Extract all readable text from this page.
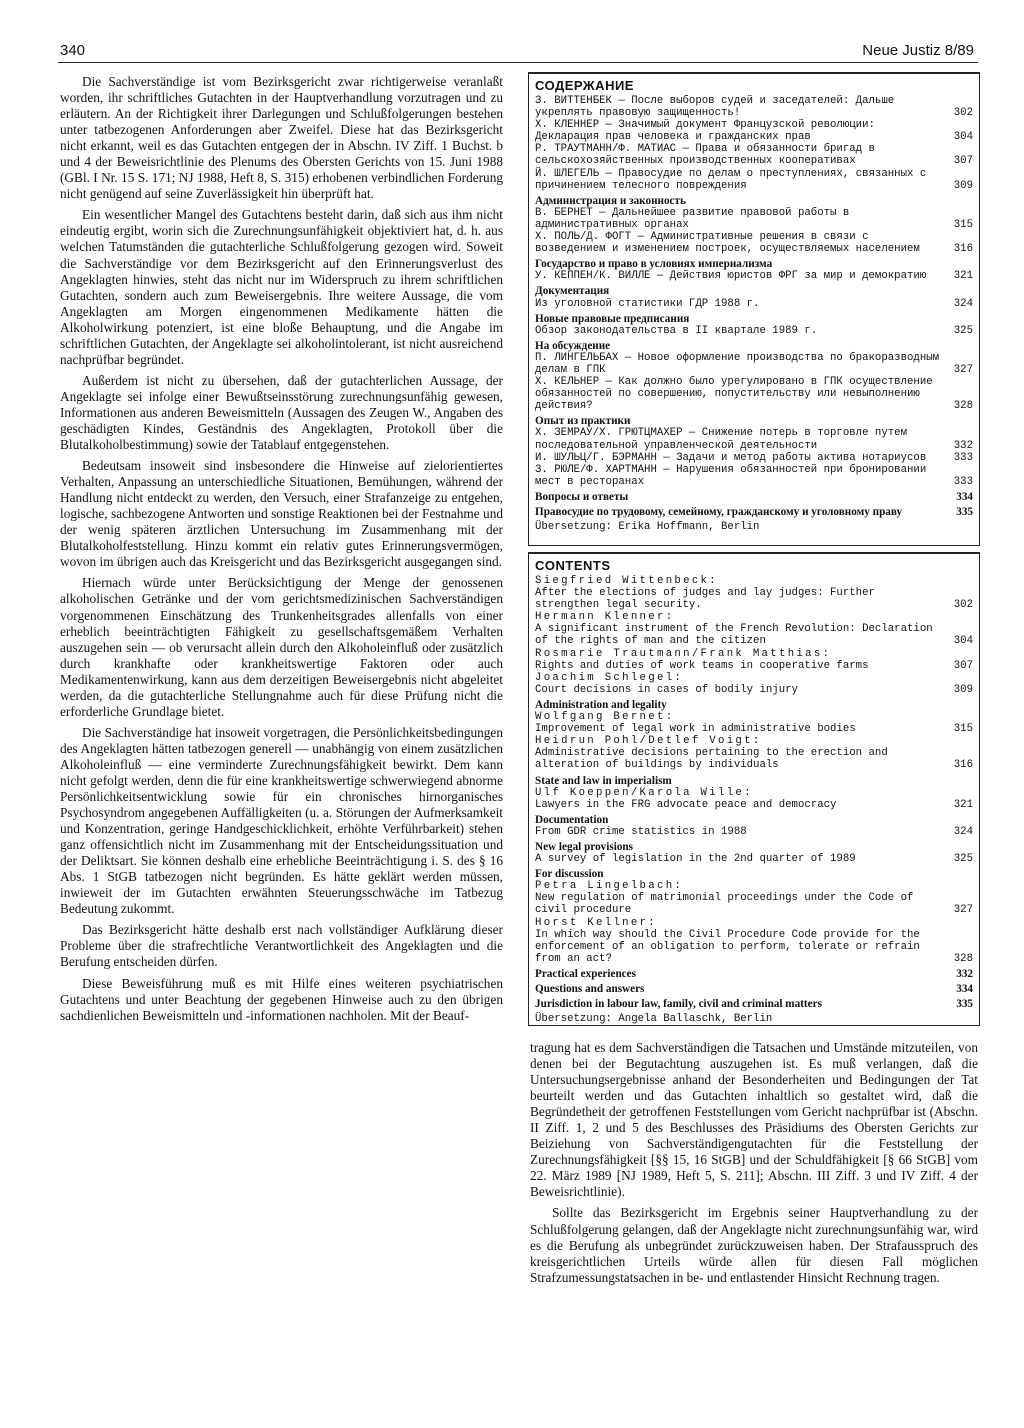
340	Neue Justiz 8/89

Die Sachverständige ist vom Bezirksgericht zwar richtigerweise veranlaßt worden, ihr schriftliches Gutachten in der Hauptverhandlung vorzutragen und zu erläutern. An der Richtigkeit ihrer Darlegungen und Schlußfolgerungen bestehen unter tatbezogenen Anforderungen aber Zweifel. Diese hat das Bezirksgericht nicht erkannt, weil es das Gutachten entgegen der in Abschn. IV Ziff. 1 Buchst. b und 4 der Beweisrichtlinie des Plenums des Obersten Gerichts von 15. Juni 1988 (GBl. I Nr. 15 S. 171; NJ 1988, Heft 8, S. 315) erhobenen verbindlichen Forderung nicht genügend auf seine Zuverlässigkeit hin überprüft hat.

Ein wesentlicher Mangel des Gutachtens besteht darin, daß sich aus ihm nicht eindeutig ergibt, worin sich die Zurechnungsunfähigkeit objektiviert hat, d. h. aus welchen Tatumständen die gutachterliche Schlußfolgerung gezogen wird. Soweit die Sachverständige vor dem Bezirksgericht auf den Erinnerungsverlust des Angeklagten hinwies, steht das nicht nur im Widerspruch zu ihrem schriftlichen Gutachten, sondern auch zum Beweisergebnis. Ihre weitere Aussage, die vom Angeklagten am Morgen eingenommenen Medikamente hätten die Alkoholwirkung potenziert, ist eine bloße Behauptung, und die Angabe im schriftlichen Gutachten, der Angeklagte sei alkoholintolerant, ist nicht ausreichend nachprüfbar begründet.

Außerdem ist nicht zu übersehen, daß der gutachterlichen Aussage, der Angeklagte sei infolge einer Bewußtseinsstörung zurechnungsunfähig gewesen, Informationen aus anderen Beweismitteln (Aussagen des Zeugen W., Angaben des geschädigten Kindes, Geständnis des Angeklagten, Protokoll über die Blutalkoholbestimmung) sowie der Tatablauf entgegenstehen.

Bedeutsam insoweit sind insbesondere die Hinweise auf zielorientiertes Verhalten, Anpassung an unterschiedliche Situationen, Bemühungen, während der Handlung nicht entdeckt zu werden, den Versuch, einer Strafanzeige zu entgehen, logische, sachbezogene Antworten und sonstige Reaktionen bei der Festnahme und der wenig späteren ärztlichen Untersuchung im Zusammenhang mit der Blutalkoholfeststellung. Hinzu kommt ein relativ gutes Erinnerungsvermögen, wovon im übrigen auch das Kreisgericht und das Bezirksgericht ausgegangen sind.

Hiernach würde unter Berücksichtigung der Menge der genossenen alkoholischen Getränke und der vom gerichtsmedizinischen Sachverständigen vorgenommenen Einschätzung des Trunkenheitsgrades allenfalls von einer erheblich beeinträchtigten Fähigkeit zu gesellschaftsgemäßem Verhalten auszugehen sein — ob verursacht allein durch den Alkoholeinfluß oder zusätzlich durch krankhafte oder krankheitswertige Faktoren oder auch Medikamentenwirkung, kann aus dem derzeitigen Beweisergebnis nicht abgeleitet werden, da die gutachterliche Stellungnahme auch für diese Prüfung nicht die erforderliche Grundlage bietet.

Die Sachverständige hat insoweit vorgetragen, die Persönlichkeitsbedingungen des Angeklagten hätten tatbezogen generell — unabhängig von einem zusätzlichen Alkoholeinfluß — eine verminderte Zurechnungsfähigkeit bewirkt. Dem kann nicht gefolgt werden, denn die für eine krankheitswertige schwerwiegend abnorme Persönlichkeitsentwicklung sowie für ein chronisches hirnorganisches Psychosyndrom angegebenen Auffälligkeiten (u. a. Störungen der Aufmerksamkeit und Konzentration, geringe Handgeschicklichkeit, erhöhte Verführbarkeit) stehen ganz offensichtlich nicht im Zusammenhang mit der Entscheidungssituation und der Deliktsart. Sie können deshalb eine erhebliche Beeinträchtigung i. S. des § 16 Abs. 1 StGB tatbezogen nicht begründen. Es hätte geklärt werden müssen, inwieweit der im Gutachten erwähnten Steuerungsschwäche im Tatbezug Bedeutung zukommt.

Das Bezirksgericht hätte deshalb erst nach vollständiger Aufklärung dieser Probleme über die strafrechtliche Verantwortlichkeit des Angeklagten und die Berufung entscheiden dürfen.

Diese Beweisführung muß es mit Hilfe eines weiteren psychiatrischen Gutachtens und unter Beachtung der gegebenen Hinweise auch zu den übrigen sachdienlichen Beweismitteln und -informationen nachholen. Mit der Beauf-

СОДЕРЖАНИЕ
З. ВИТТЕНБЕК — После выборов судей и заседателей: Дальше укреплять правовую защищенность!	302
Х. КЛЕННЕР — Значимый документ Французской революции: Декларация прав человека и гражданских прав	304
Р. ТРАУТМАНН/Ф. МАТИАС — Права и обязанности бригад в сельскохозяйственных производственных кооперативах	307
Й. ШЛЕГЕЛЬ — Правосудие по делам о преступлениях, связанных с причинением телесного повреждения	309
Администрация и законность
В. БЕРНЕТ — Дальнейшее развитие правовой работы в административных органах	315
Х. ПОЛЬ/Д. ФОГТ — Административные решения в связи с возведением и изменением построек, осуществляемых населением	316
Государство и право в условиях империализма
У. КЕППЕН/К. ВИЛЛЕ — Действия юристов ФРГ за мир и демократию	321
Документация
Из уголовной статистики ГДР 1988 г.	324
Новые правовые предписания
Обзор законодательства в II квартале 1989 г.	325
На обсуждение
П. ЛИНГЕЛЬБАХ — Новое оформление производства по бракоразводным делам в ГПК	327
Х. КЕЛЬНЕР — Как должно было урегулировано в ГПК осуществление обязанностей по совершению, попустительству или невыполнению действия?	328
Опыт из практики
Х. ЗЕМРАУ/Х. ГРЮТЦМАХЕР — Снижение потерь в торговле путем последовательной управленческой деятельности	332
И. ШУЛЬЦ/Г. БЭРМАНН — Задачи и метод работы актива нотариусов	333
З. РЮЛЕ/Ф. ХАРТМАНН — Нарушения обязанностей при бронировании мест в ресторанах	333
Вопросы и ответы	334
Правосудие по трудовому, семейному, гражданскому и уголовному праву	335
Übersetzung: Erika Hoffmann, Berlin
CONTENTS
Siegfried Wittenbeck:
After the elections of judges and lay judges: Further strengthen legal security.	302
Hermann Klenner:
A significant instrument of the French Revolution: Declaration of the rights of man and the citizen	304
Rosmarie Trautmann/Frank Matthias:
Rights and duties of work teams in cooperative farms	307
Joachim Schlegel:
Court decisions in cases of bodily injury	309
Administration and legality
Wolfgang Bernet:
Improvement of legal work in administrative bodies	315
Heidrun Pohl/Detlef Voigt:
Administrative decisions pertaining to the erection and alteration of buildings by individuals	316
State and law in imperialism
Ulf Koeppen/Karola Wille:
Lawyers in the FRG advocate peace and democracy	321
Documentation
From GDR crime statistics in 1988	324
New legal provisions
A survey of legislation in the 2nd quarter of 1989	325
For discussion
Petra Lingelbach:
New regulation of matrimonial proceedings under the Code of civil procedure	327
Horst Kellner:
In which way should the Civil Procedure Code provide for the enforcement of an obligation to perform, tolerate or refrain from an act?	328
Practical experiences	332
Questions and answers	334
Jurisdiction in labour law, family, civil and criminal matters	335
Übersetzung: Angela Ballaschk, Berlin

tragung hat es dem Sachverständigen die Tatsachen und Umstände mitzuteilen, von denen bei der Begutachtung auszugehen ist. Es muß verlangen, daß die Untersuchungsergebnisse anhand der Besonderheiten und Bedingungen der Tat beurteilt werden und das Gutachten inhaltlich so gestaltet wird, daß die Begründetheit der getroffenen Feststellungen vom Gericht nachprüfbar ist (Abschn. II Ziff. 1, 2 und 5 des Beschlusses des Präsidiums des Obersten Gerichts zur Beiziehung von Sachverständigengutachten für die Feststellung der Zurechnungsfähigkeit [§§ 15, 16 StGB] und der Schuldfähigkeit [§ 66 StGB] vom 22. März 1989 [NJ 1989, Heft 5, S. 211]; Abschn. III Ziff. 3 und IV Ziff. 4 der Beweisrichtlinie).

Sollte das Bezirksgericht im Ergebnis seiner Hauptverhandlung zu der Schlußfolgerung gelangen, daß der Angeklagte nicht zurechnungsunfähig war, wird es die Berufung als unbegründet zurückzuweisen haben. Der Strafausspruch des kreisgerichtlichen Urteils würde allen für diesen Fall möglichen Strafzumessungstatsachen in be- und entlastender Hinsicht Rechnung tragen.
